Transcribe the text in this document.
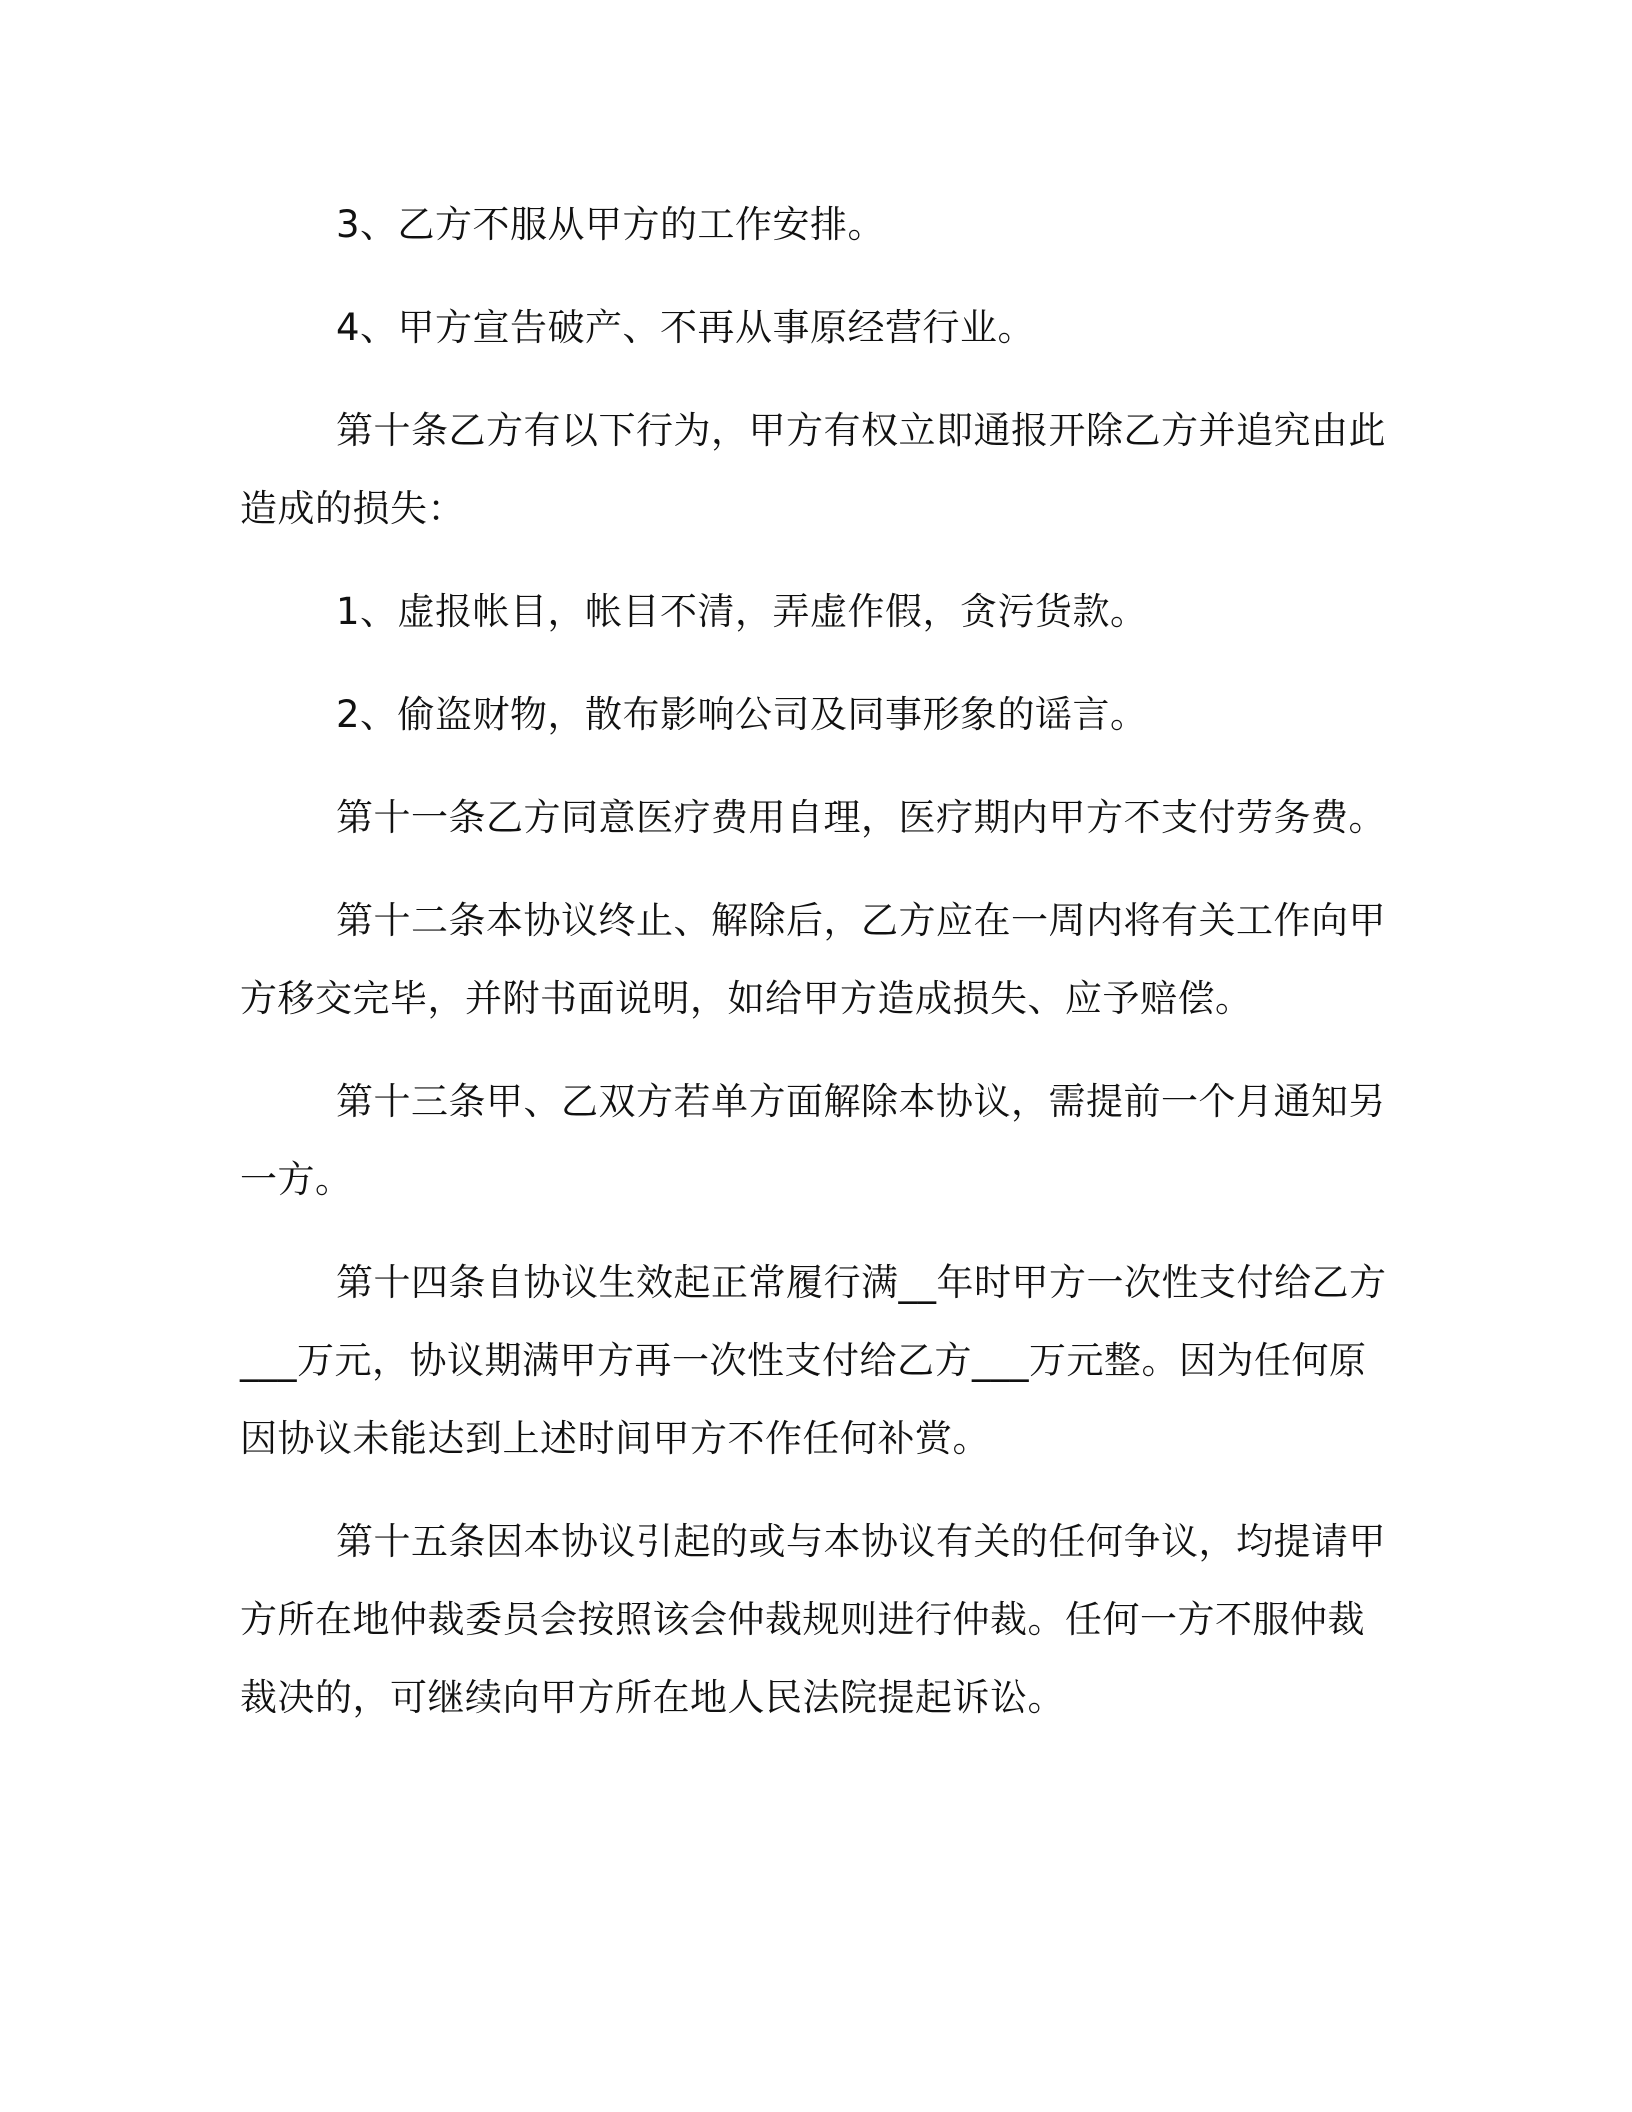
3、乙方不服从甲方的工作安排。

4、甲方宣告破产、不再从事原经营行业。

第十条乙方有以下行为，甲方有权立即通报开除乙方并追究由此造成的损失：

1、虚报帐目，帐目不清，弄虚作假，贪污货款。

2、偷盗财物，散布影响公司及同事形象的谣言。

第十一条乙方同意医疗费用自理，医疗期内甲方不支付劳务费。

第十二条本协议终止、解除后，乙方应在一周内将有关工作向甲方移交完毕，并附书面说明，如给甲方造成损失、应予赔偿。

第十三条甲、乙双方若单方面解除本协议，需提前一个月通知另一方。

第十四条自协议生效起正常履行满__年时甲方一次性支付给乙方___万元，协议期满甲方再一次性支付给乙方___万元整。因为任何原因协议未能达到上述时间甲方不作任何补赏。

第十五条因本协议引起的或与本协议有关的任何争议，均提请甲方所在地仲裁委员会按照该会仲裁规则进行仲裁。任何一方不服仲裁裁决的，可继续向甲方所在地人民法院提起诉讼。
